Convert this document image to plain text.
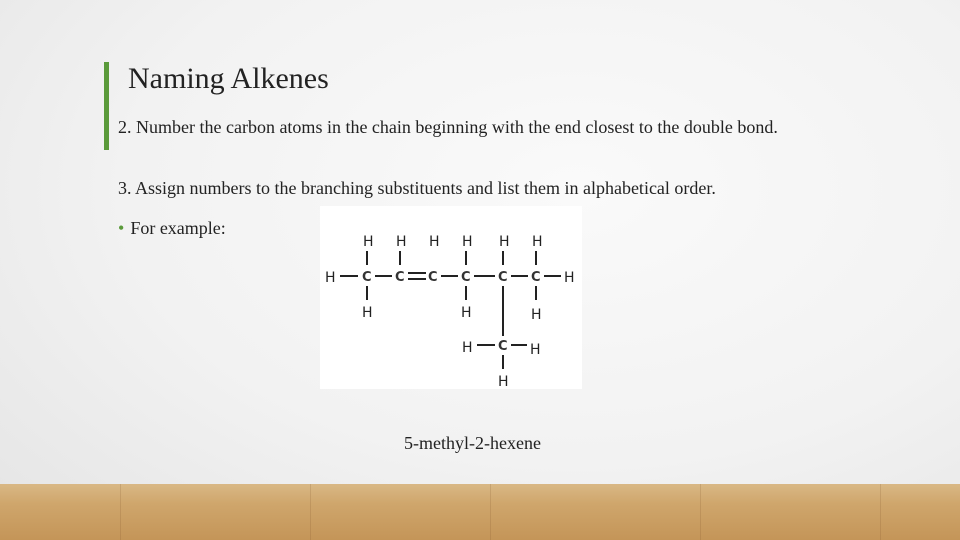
Naming Alkenes
2. Number the carbon atoms in the chain beginning with the end closest to the double bond.
3. Assign numbers to the branching substituents and list them in alphabetical order.
• For example:
H H H H H H
H C C C C C C H
H	H	H
H C H
H
5-methyl-2-hexene
